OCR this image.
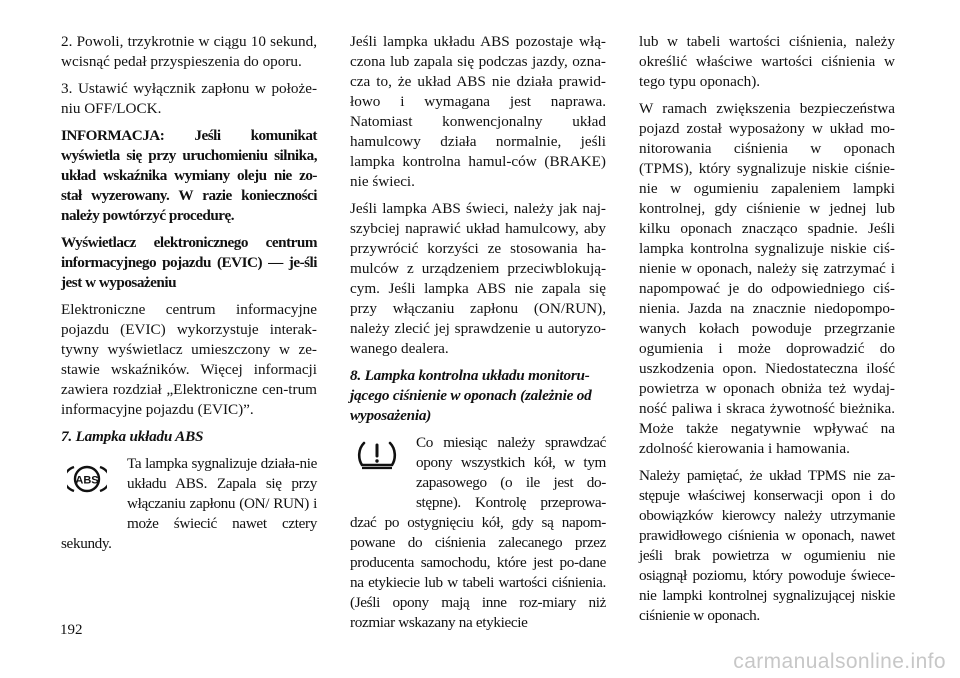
2. Powoli, trzykrotnie w ciągu 10 sekund, wcisnąć pedał przyspieszenia do oporu.

3. Ustawić wyłącznik zapłonu w położe-niu OFF/LOCK.

INFORMACJA: Jeśli komunikat wyświetla się przy uruchomieniu silnika, układ wskaźnika wymiany oleju nie zo-stał wyzerowany. W razie konieczności należy powtórzyć procedurę.

Wyświetlacz elektronicznego centrum informacyjnego pojazdu (EVIC) — je-śli jest w wyposażeniu

Elektroniczne centrum informacyjne pojazdu (EVIC) wykorzystuje interak-tywny wyświetlacz umieszczony w ze-stawie wskaźników. Więcej informacji zawiera rozdział „Elektroniczne cen-trum informacyjne pojazdu (EVIC)”.

7. Lampka układu ABS

ABS

Ta lampka sygnalizuje działa-nie układu ABS. Zapala się przy włączaniu zapłonu (ON/ RUN) i może świecić nawet cztery sekundy.

Jeśli lampka układu ABS pozostaje włą-czona lub zapala się podczas jazdy, ozna-cza to, że układ ABS nie działa prawid-łowo i wymagana jest naprawa. Natomiast konwencjonalny układ hamulcowy działa normalnie, jeśli lampka kontrolna hamul-ców (BRAKE) nie świeci.

Jeśli lampka ABS świeci, należy jak naj-szybciej naprawić układ hamulcowy, aby przywrócić korzyści ze stosowania ha-mulców z urządzeniem przeciwblokują-cym. Jeśli lampka ABS nie zapala się przy włączaniu zapłonu (ON/RUN), należy zlecić jej sprawdzenie u autoryzo-wanego dealera.

8. Lampka kontrolna układu monitoru-jącego ciśnienie w oponach (zależnie od wyposażenia)

Co miesiąc należy sprawdzać opony wszystkich kół, w tym zapasowego (o ile jest do-stępne). Kontrolę przeprowa-dzać po ostygnięciu kół, gdy są napom-powane do ciśnienia zalecanego przez producenta samochodu, które jest po-dane na etykiecie lub w tabeli wartości ciśnienia. (Jeśli opony mają inne roz-miary niż rozmiar wskazany na etykiecie

lub w tabeli wartości ciśnienia, należy określić właściwe wartości ciśnienia w tego typu oponach).

W ramach zwiększenia bezpieczeństwa pojazd został wyposażony w układ mo-nitorowania ciśnienia w oponach (TPMS), który sygnalizuje niskie ciśnie-nie w ogumieniu zapaleniem lampki kontrolnej, gdy ciśnienie w jednej lub kilku oponach znacząco spadnie. Jeśli lampka kontrolna sygnalizuje niskie ciś-nienie w oponach, należy się zatrzymać i napompować je do odpowiedniego ciś-nienia. Jazda na znacznie niedopompo-wanych kołach powoduje przegrzanie ogumienia i może doprowadzić do uszkodzenia opon. Niedostateczna ilość powietrza w oponach obniża też wydaj-ność paliwa i skraca żywotność bieżnika. Może także negatywnie wpływać na zdolność kierowania i hamowania.

Należy pamiętać, że układ TPMS nie za-stępuje właściwej konserwacji opon i do obowiązków kierowcy należy utrzymanie prawidłowego ciśnienia w oponach, nawet jeśli brak powietrza w ogumieniu nie osiągnął poziomu, który powoduje świece-nie lampki kontrolnej sygnalizującej niskie ciśnienie w oponach.

192
carmanualsonline.info
